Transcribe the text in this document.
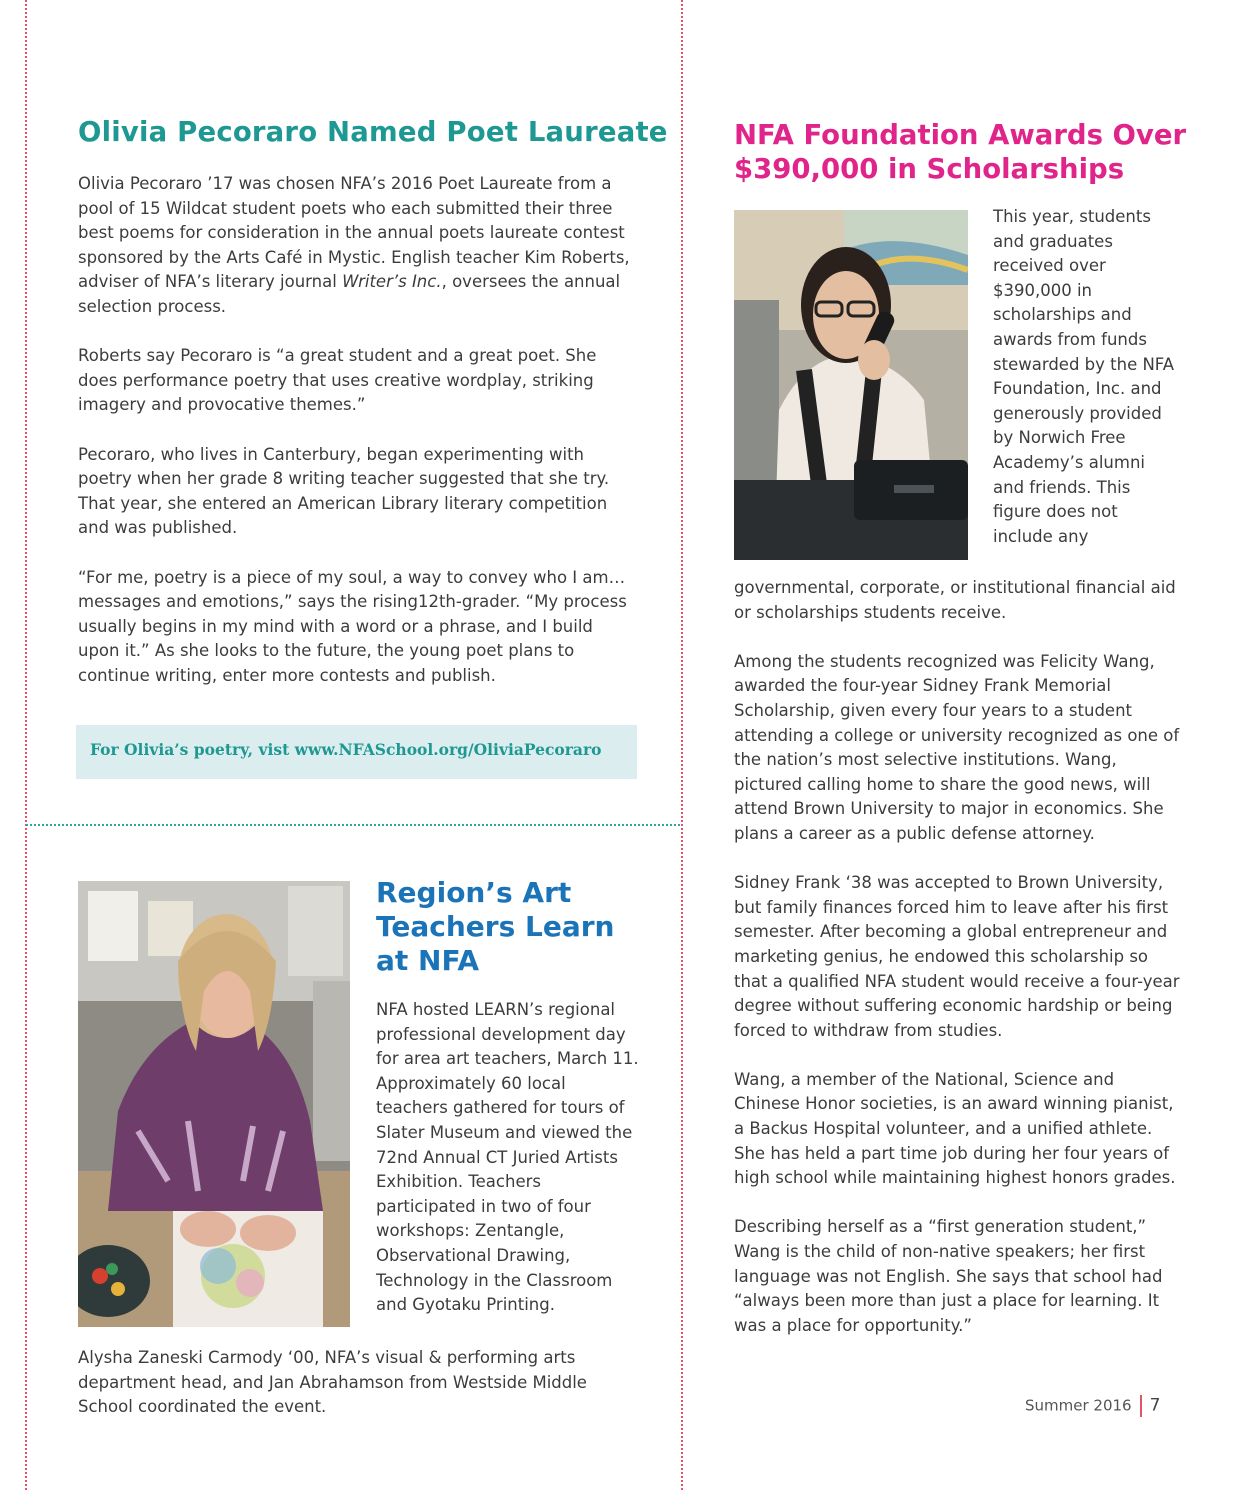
Olivia Pecoraro Named Poet Laureate

Olivia Pecoraro ’17 was chosen NFA’s 2016 Poet Laureate from a pool of 15 Wildcat student poets who each submitted their three best poems for consideration in the annual poets laureate contest sponsored by the Arts Café in Mystic. English teacher Kim Roberts, adviser of NFA’s literary journal Writer’s Inc., oversees the annual selection process.

Roberts say Pecoraro is “a great student and a great poet. She does performance poetry that uses creative wordplay, striking imagery and provocative themes.”

Pecoraro, who lives in Canterbury, began experimenting with poetry when her grade 8 writing teacher suggested that she try. That year, she entered an American Library literary competition and was published.

“For me, poetry is a piece of my soul, a way to convey who I am… messages and emotions,” says the rising12th-grader. “My process usually begins in my mind with a word or a phrase, and I build upon it.” As she looks to the future, the young poet plans to continue writing, enter more contests and publish.

For Olivia’s poetry, vist www.NFASchool.org/OliviaPecoraro
Region’s Art Teachers Learn at NFA
NFA hosted LEARN’s regional professional development day for area art teachers, March 11. Approximately 60 local teachers gathered for tours of Slater Museum and viewed the 72nd Annual CT Juried Artists Exhibition. Teachers participated in two of four workshops: Zentangle, Observational Drawing, Technology in the Classroom and Gyotaku Printing.
Alysha Zaneski Carmody ‘00, NFA’s visual & performing arts department head, and Jan Abrahamson from Westside Middle School coordinated the event.
NFA Foundation Awards Over $390,000 in Scholarships
This year, students and graduates received over $390,000 in scholarships and awards from funds stewarded by the NFA Foundation, Inc. and generously provided by Norwich Free Academy’s alumni and friends. This figure does not include any

governmental, corporate, or institutional financial aid or scholarships students receive.

Among the students recognized was Felicity Wang, awarded the four-year Sidney Frank Memorial Scholarship, given every four years to a student attending a college or university recognized as one of the nation’s most selective institutions. Wang, pictured calling home to share the good news, will attend Brown University to major in economics. She plans a career as a public defense attorney.

Sidney Frank ‘38 was accepted to Brown University, but family finances forced him to leave after his first semester. After becoming a global entrepreneur and marketing genius, he endowed this scholarship so that a qualified NFA student would receive a four-year degree without suffering economic hardship or being forced to withdraw from studies.

Wang, a member of the National, Science and Chinese Honor societies, is an award winning pianist, a Backus Hospital volunteer, and a unified athlete. She has held a part time job during her four years of high school while maintaining highest honors grades.

Describing herself as a “first generation student,” Wang is the child of non-native speakers; her first language was not English. She says that school had “always been more than just a place for learning. It was a place for opportunity.”

Summer 2016 7
